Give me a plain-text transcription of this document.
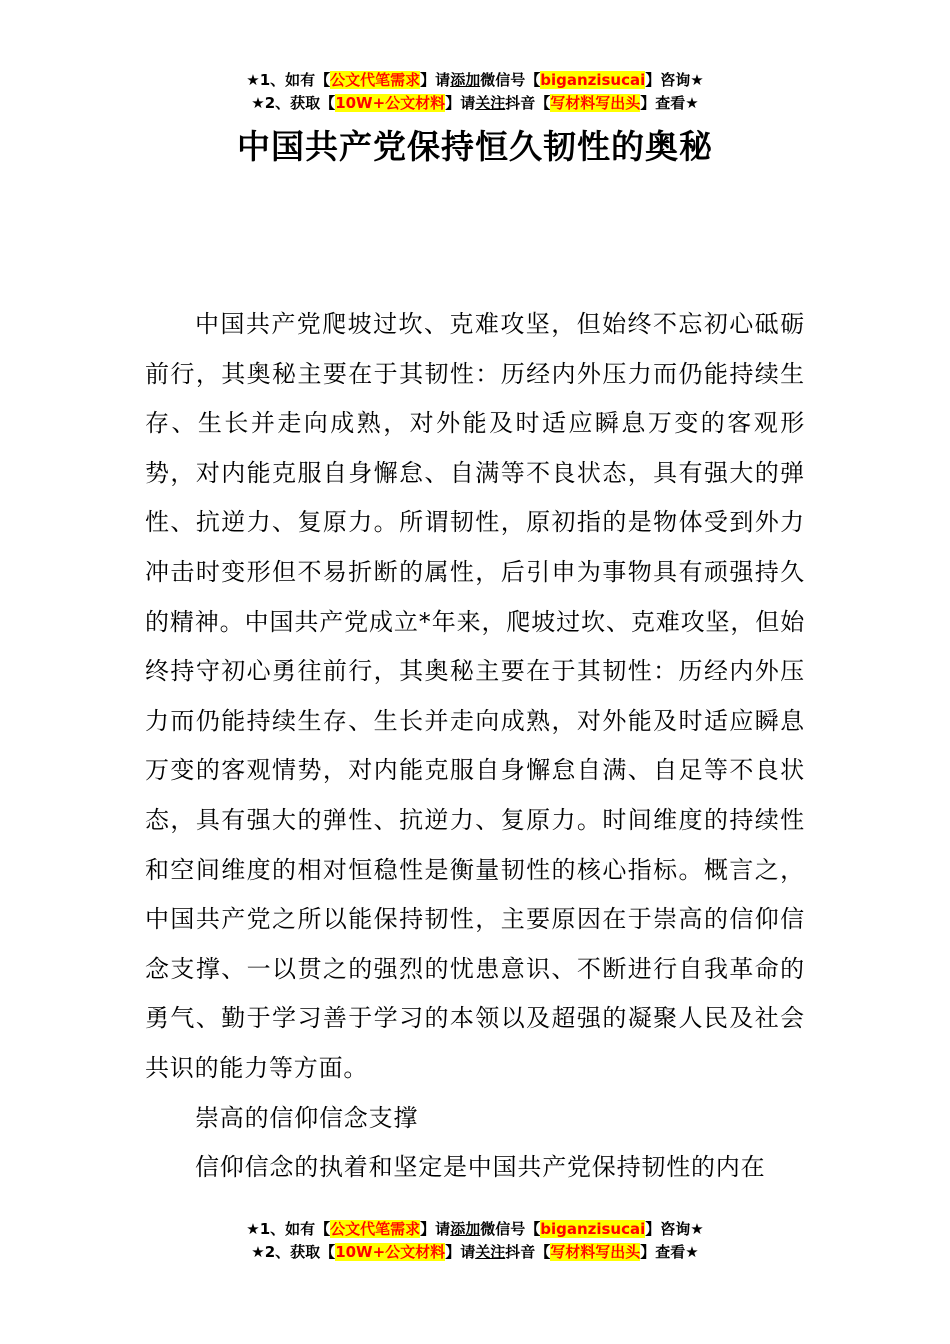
★1、如有【公文代笔需求】请添加微信号【biganzisucai】咨询★
★2、获取【10W+公文材料】请关注抖音【写材料写出头】查看★
中国共产党保持恒久韧性的奥秘

中国共产党爬坡过坎、克难攻坚，但始终不忘初心砥砺前行，其奥秘主要在于其韧性：历经内外压力而仍能持续生存、生长并走向成熟，对外能及时适应瞬息万变的客观形势，对内能克服自身懈怠、自满等不良状态，具有强大的弹性、抗逆力、复原力。所谓韧性，原初指的是物体受到外力冲击时变形但不易折断的属性，后引申为事物具有顽强持久的精神。中国共产党成立*年来，爬坡过坎、克难攻坚，但始终持守初心勇往前行，其奥秘主要在于其韧性：历经内外压力而仍能持续生存、生长并走向成熟，对外能及时适应瞬息万变的客观情势，对内能克服自身懈怠自满、自足等不良状态，具有强大的弹性、抗逆力、复原力。时间维度的持续性和空间维度的相对恒稳性是衡量韧性的核心指标。概言之，中国共产党之所以能保持韧性，主要原因在于崇高的信仰信念支撑、一以贯之的强烈的忧患意识、不断进行自我革命的勇气、勤于学习善于学习的本领以及超强的凝聚人民及社会共识的能力等方面。

崇高的信仰信念支撑

信仰信念的执着和坚定是中国共产党保持韧性的内在

★1、如有【公文代笔需求】请添加微信号【biganzisucai】咨询★
★2、获取【10W+公文材料】请关注抖音【写材料写出头】查看★
